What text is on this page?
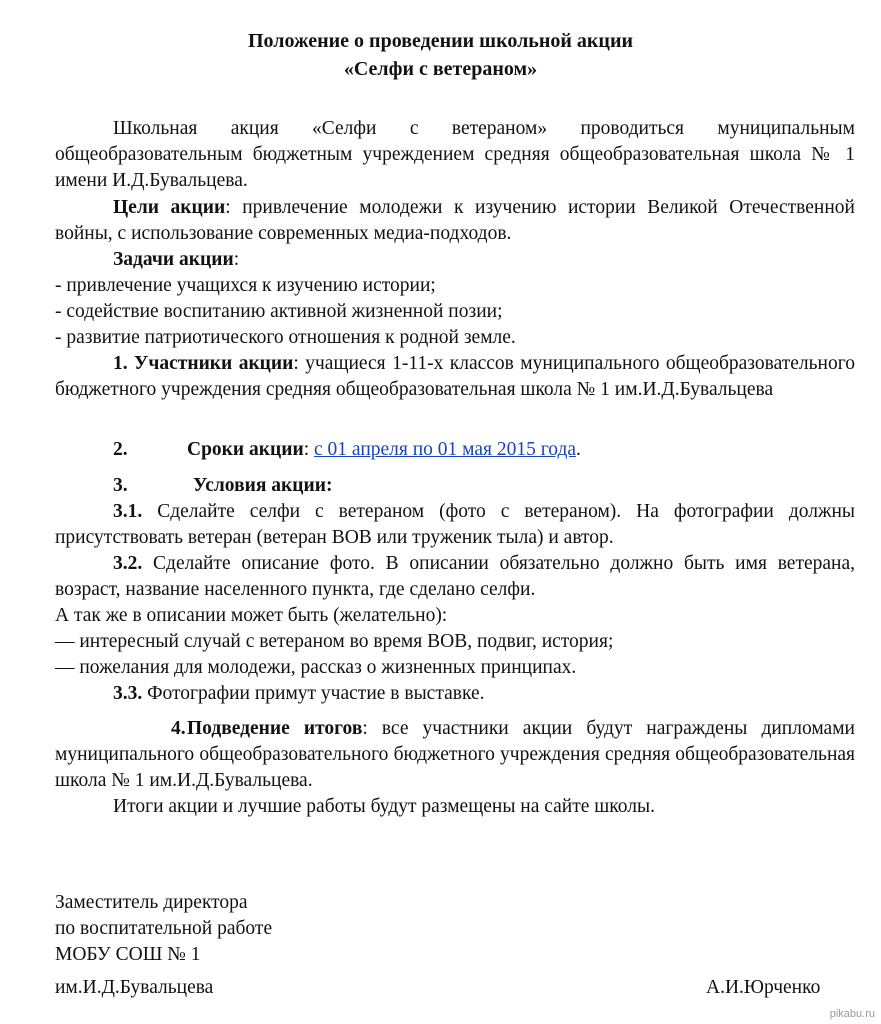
Положение о проведении школьной акции
«Селфи с ветераном»

Школьная акция «Селфи с ветераном» проводиться муниципальным общеобразовательным бюджетным учреждением средняя общеобразовательная школа № 1 имени И.Д.Бувальцева.

Цели акции: привлечение молодежи к изучению истории Великой Отечественной войны, с использование современных медиа-подходов.

Задачи акции:
- привлечение учащихся к изучению истории;
- содействие воспитанию активной жизненной позии;
- развитие патриотического отношения к родной земле.

1. Участники акции: учащиеся 1-11-х классов муниципального общеобразовательного бюджетного учреждения средняя общеобразовательная школа № 1 им.И.Д.Бувальцева

2.	Сроки акции: с 01 апреля по 01 мая 2015 года.
3.	Условия акции:

3.1. Сделайте селфи с ветераном (фото с ветераном). На фотографии должны присутствовать ветеран (ветеран ВОВ или труженик тыла) и автор.

3.2. Сделайте описание фото. В описании обязательно должно быть имя ветерана, возраст, название населенного пункта, где сделано селфи.

А так же в описании может быть (желательно):
— интересный случай с ветераном во время ВОВ, подвиг, история;
— пожелания для молодежи, рассказ о жизненных принципах.
3.3. Фотографии примут участие в выставке.

4.Подведение итогов: все участники акции будут награждены дипломами муниципального общеобразовательного бюджетного учреждения средняя общеобразовательная школа № 1 им.И.Д.Бувальцева.

Итоги акции и лучшие работы будут размещены на сайте школы.
Заместитель директора
по воспитательной работе
МОБУ СОШ № 1
им.И.Д.Бувальцева	А.И.Юрченко
pikabu.ru
